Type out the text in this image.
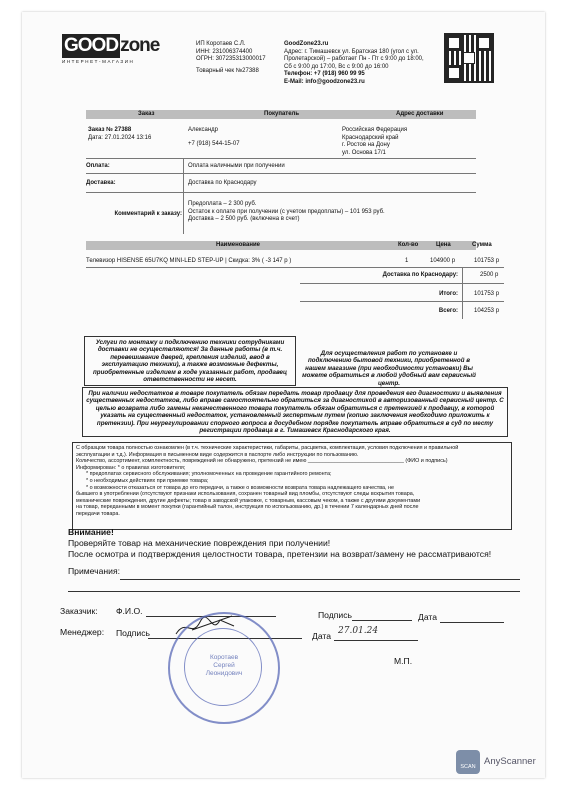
GOOD zone
ИНТЕРНЕТ-МАГАЗИН
ИП Коротаев С.Л.
ИНН: 231006374400
ОГРН: 307235313000017
Товарный чек №27388
GoodZone23.ru
Адрес: г. Тимашевск ул. Братская 180 (угол с ул.
Пролетарской) – работает Пн - Пт с 9:00 до 18:00,
Сб с 9:00 до 17:00, Вс с 9:00 до 16:00
Телефон: +7 (918) 960 99 95
E-Mail: info@goodzone23.ru
Заказ	Покупатель	Адрес доставки
Заказ № 27388
Дата: 27.01.2024 13:16
Александр
+7 (918) 544-15-07
Российская Федерация
Краснодарский край
г. Ростов на Дону
ул. Основа 17/1
Оплата:	Оплата наличными при получении
Доставка:	Доставка по Краснодару
Комментарий к заказу:
Предоплата – 2 300 руб.
Остаток к оплате при получении (с учетом предоплаты) – 101 953 руб.
Доставка – 2 500 руб. (включена в счет)
Наименование	Кол-во	Цена	Сумма
Телевизор HISENSE 65U7KQ MINI-LED STEP-UP | Скидка: 3% ( -3 147 р )	1	104900 р	101753 р
Доставка по Краснодару:	2500 р
Итого:	101753 р
Всего:	104253 р
Услуги по монтажу и подключению техники сотрудниками доставки не осуществляются! За данные работы (в т.ч. перевешивание дверей, крепления изделий, ввод в эксплуатацию техники), а также возможные дефекты, приобретенные изделием в ходе указанных работ, продавец ответственности не несет.
Для осуществления работ по установке и подключению бытовой техники, приобретенной в нашем магазине (при необходимости установки) Вы можете обратиться в любой удобный вам сервисный центр.
При наличии недостатков в товаре покупатель обязан передать товар продавцу для проведения его диагностики и выявления существенных недостатков, либо вправе самостоятельно обратиться за диагностикой в авторизованный сервисный центр. С целью возврата либо замены некачественного товара покупатель обязан обратиться с претензией к продавцу, в которой указать на существенный недостаток, установленный экспертным путем (копию заключения необходимо приложить к претензии). При неурегулировании спорного вопроса в досудебном порядке покупатель вправе обратиться в суд по месту регистрации продавца в г. Тимашевск Краснодарского края.
С образцом товара полностью ознакомлен (в т.ч. технические характеристики, габариты, расцветка, комплектация, условия подключения и правильной
эксплуатации и т.д.). Информация в письменном виде содержится в паспорте либо инструкции по пользованию.
Количество, ассортимент, комплектность, повреждений не обнаружено, претензий не имею ________________________________ (ФИО и подпись)
Информирован: * о правилах изготовителя;
* предоплатах сервисного обслуживания; уполномоченных на проведение гарантийного ремонта;
* о необходимых действиях при приемке товара;
* о возможности отказаться от товара до его передачи, а также о возможности возврата товара надлежащего качества, не
бывшего в употреблении (отсутствуют признаки использования, сохранен товарный вид пломбы, отсутствуют следы вскрытия товара,
механические повреждения, другие дефекты; товар в заводской упаковке, с товарным, кассовым чеком, а также с другими документами
на товар, переданными в момент покупки (гарантийный талон, инструкция по использованию, др.) в течении 7 календарных дней после
передачи товара.
Внимание!
Проверяйте товар на механические повреждения при получении!
После осмотра и подтверждения целостности товара, претензии на возврат/замену не рассматриваются!
Примечания:
Заказчик: Ф.И.О.	Подпись	Дата
Менеджер: Подпись	Дата 27.01.24
М.П.
Коротаев
Сергей
Леонидович
SCAN AnyScanner
